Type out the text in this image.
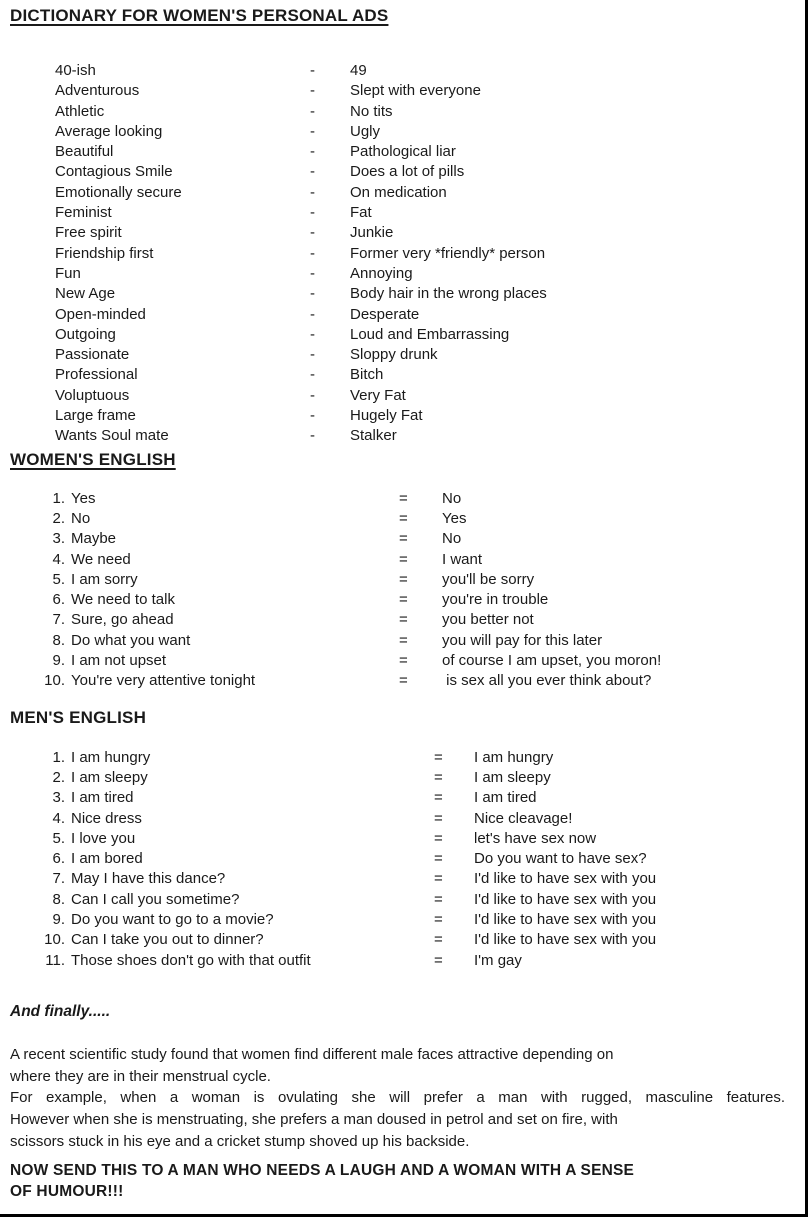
DICTIONARY FOR WOMEN'S PERSONAL ADS
40-ish	-	49
Adventurous	-	Slept with everyone
Athletic	-	No tits
Average looking	-	Ugly
Beautiful	-	Pathological liar
Contagious Smile	-	Does a lot of pills
Emotionally secure	-	On medication
Feminist	-	Fat
Free spirit	-	Junkie
Friendship first	-	Former very *friendly* person
Fun	-	Annoying
New Age	-	Body hair in the wrong places
Open-minded	-	Desperate
Outgoing	-	Loud and Embarrassing
Passionate	-	Sloppy drunk
Professional	-	Bitch
Voluptuous	-	Very Fat
Large frame	-	Hugely Fat
Wants Soul mate	-	Stalker
WOMEN'S ENGLISH
1. Yes	=	No
2. No	=	Yes
3. Maybe	=	No
4. We need	=	I want
5. I am sorry	=	you'll be sorry
6. We need to talk	=	you're in trouble
7. Sure, go ahead	=	you better not
8. Do what you want	=	you will pay for this later
9. I am not upset	=	of course I am upset, you moron!
10. You're very attentive tonight	=	is sex all you ever think about?
MEN'S ENGLISH
1. I am hungry	=	I am hungry
2. I am sleepy	=	I am sleepy
3. I am tired	=	I am tired
4. Nice dress	=	Nice cleavage!
5. I love you	=	let's have sex now
6. I am bored	=	Do you want to have sex?
7. May I have this dance?	=	I'd like to have sex with you
8. Can I call you sometime?	=	I'd like to have sex with you
9. Do you want to go to a movie?	=	I'd like to have sex with you
10. Can I take you out to dinner?	=	I'd like to have sex with you
11. Those shoes don't go with that outfit	=	I'm gay

And finally.....

A recent scientific study found that women find different male faces attractive depending on
where they are in their menstrual cycle.
For example, when a woman is ovulating she will prefer a man with rugged, masculine features.
However when she is menstruating, she prefers a man doused in petrol and set on fire, with
scissors stuck in his eye and a cricket stump shoved up his backside.
NOW SEND THIS TO A MAN WHO NEEDS A LAUGH AND A WOMAN WITH A SENSE
OF HUMOUR!!!
